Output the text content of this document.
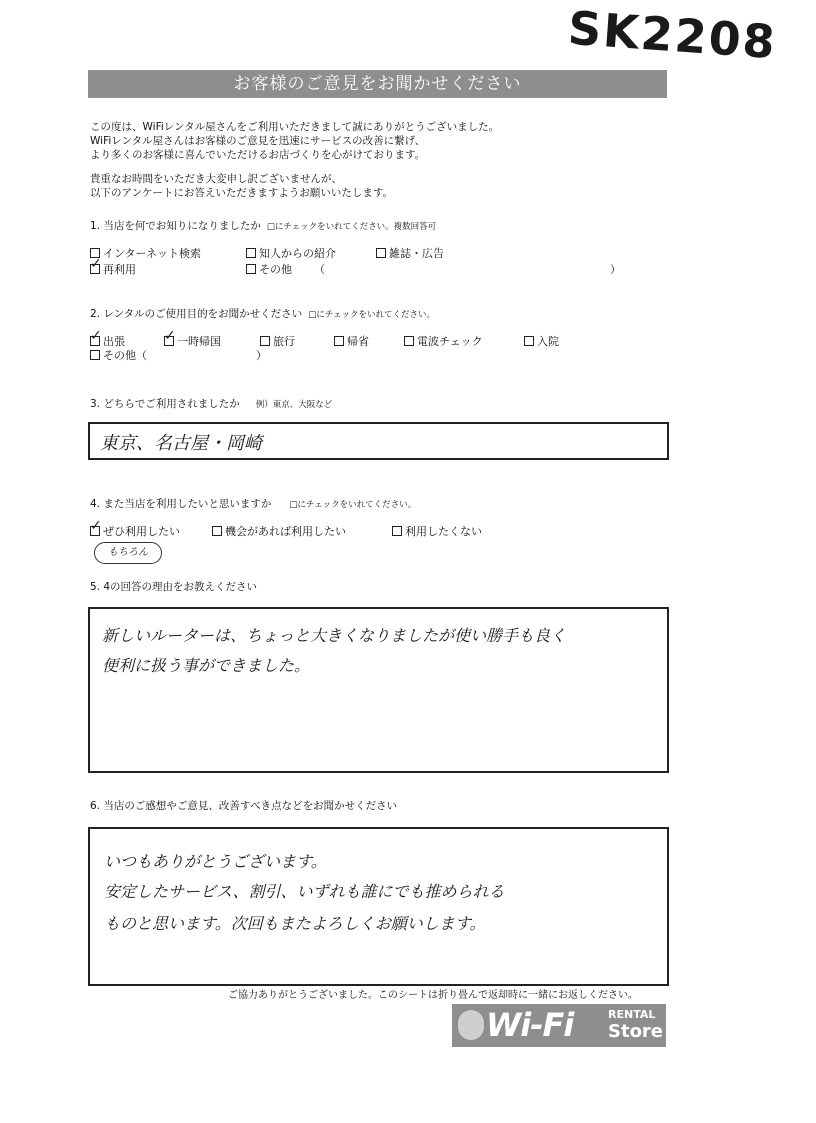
SK2208
お客様のご意見をお聞かせください
この度は、WiFiレンタル屋さんをご利用いただきまして誠にありがとうございました。
WiFiレンタル屋さんはお客様のご意見を迅速にサービスの改善に繋げ、
より多くのお客様に喜んでいただけるお店づくりを心がけております。
貴重なお時間をいただき大変申し訳ございませんが、
以下のアンケートにお答えいただきますようお願いいたします。
1. 当店を何でお知りになりましたか □にチェックをいれてください。複数回答可
インターネット検索	知人からの紹介	雑誌・広告
✓再利用	その他 （	）
2. レンタルのご使用目的をお聞かせください □にチェックをいれてください。
✓出張
✓	一時帰国	旅行	帰省	電波チェック	入院
その他（	）
3. どちらでご利用されましたか 例）東京、大阪など
東京、名古屋・岡崎
4. また当店を利用したいと思いますか □にチェックをいれてください。
✓ぜひ利用したい	機会があれば利用したい	利用したくない
もちろん
5. 4の回答の理由をお教えください
新しいルーターは、ちょっと大きくなりましたが使い勝手も良く
便利に扱う事ができました。
6. 当店のご感想やご意見、改善すべき点などをお聞かせください
いつもありがとうございます。
安定したサービス、割引、いずれも誰にでも推められる
ものと思います。次回もまたよろしくお願いします。
ご協力ありがとうございました。このシートは折り畳んで返却時に一緒にお返しください。
Wi-Fi	RENTAL
Store
